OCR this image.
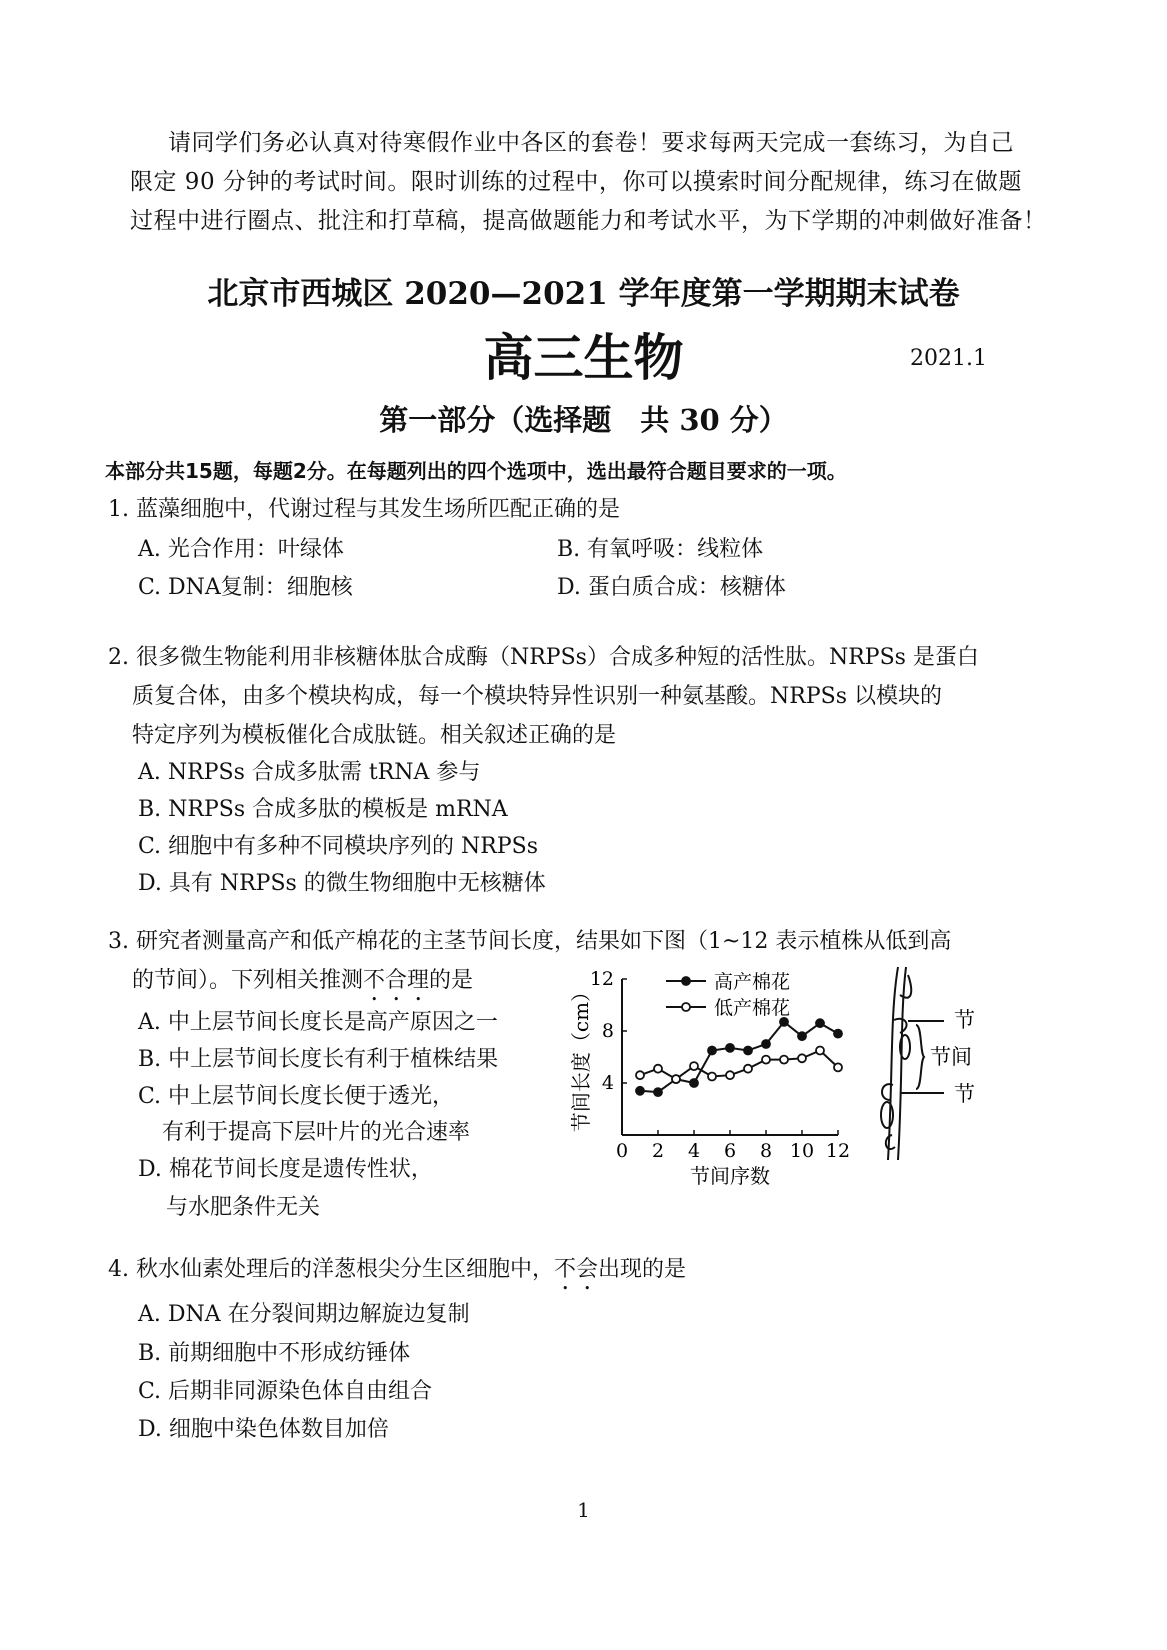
请同学们务必认真对待寒假作业中各区的套卷！要求每两天完成一套练习，为自己

限定 90 分钟的考试时间。限时训练的过程中，你可以摸索时间分配规律，练习在做题

过程中进行圈点、批注和打草稿，提高做题能力和考试水平，为下学期的冲刺做好准备！

北京市西城区 2020—2021 学年度第一学期期末试卷
高三生物	2021.1
第一部分（选择题　共 30 分）
本部分共15题，每题2分。在每题列出的四个选项中，选出最符合题目要求的一项。

1. 蓝藻细胞中，代谢过程与其发生场所匹配正确的是

A. 光合作用：叶绿体	B. 有氧呼吸：线粒体
C. DNA复制：细胞核	D. 蛋白质合成：核糖体

2. 很多微生物能利用非核糖体肽合成酶（NRPSs）合成多种短的活性肽。NRPSs 是蛋白

质复合体，由多个模块构成，每一个模块特异性识别一种氨基酸。NRPSs 以模块的

特定序列为模板催化合成肽链。相关叙述正确的是

A. NRPSs 合成多肽需 tRNA 参与
B. NRPSs 合成多肽的模板是 mRNA
C. 细胞中有多种不同模块序列的 NRPSs
D. 具有 NRPSs 的微生物细胞中无核糖体

3. 研究者测量高产和低产棉花的主茎节间长度，结果如下图（1~12 表示植株从低到高

的节间）。下列相关推测不合理的是

A. 中上层节间长度长是高产原因之一
B. 中上层节间长度长有利于植株结果
C. 中上层节间长度长便于透光，
有利于提高下层叶片的光合速率
D. 棉花节间长度是遗传性状，
与水肥条件无关
0 2 4 6 8 10 12
4
8
12
节间序数
节间长度（cm）	高产棉花
低产棉花	节
节间
节

4. 秋水仙素处理后的洋葱根尖分生区细胞中，不会出现的是

A. DNA 在分裂间期边解旋边复制
B. 前期细胞中不形成纺锤体
C. 后期非同源染色体自由组合
D. 细胞中染色体数目加倍
1
